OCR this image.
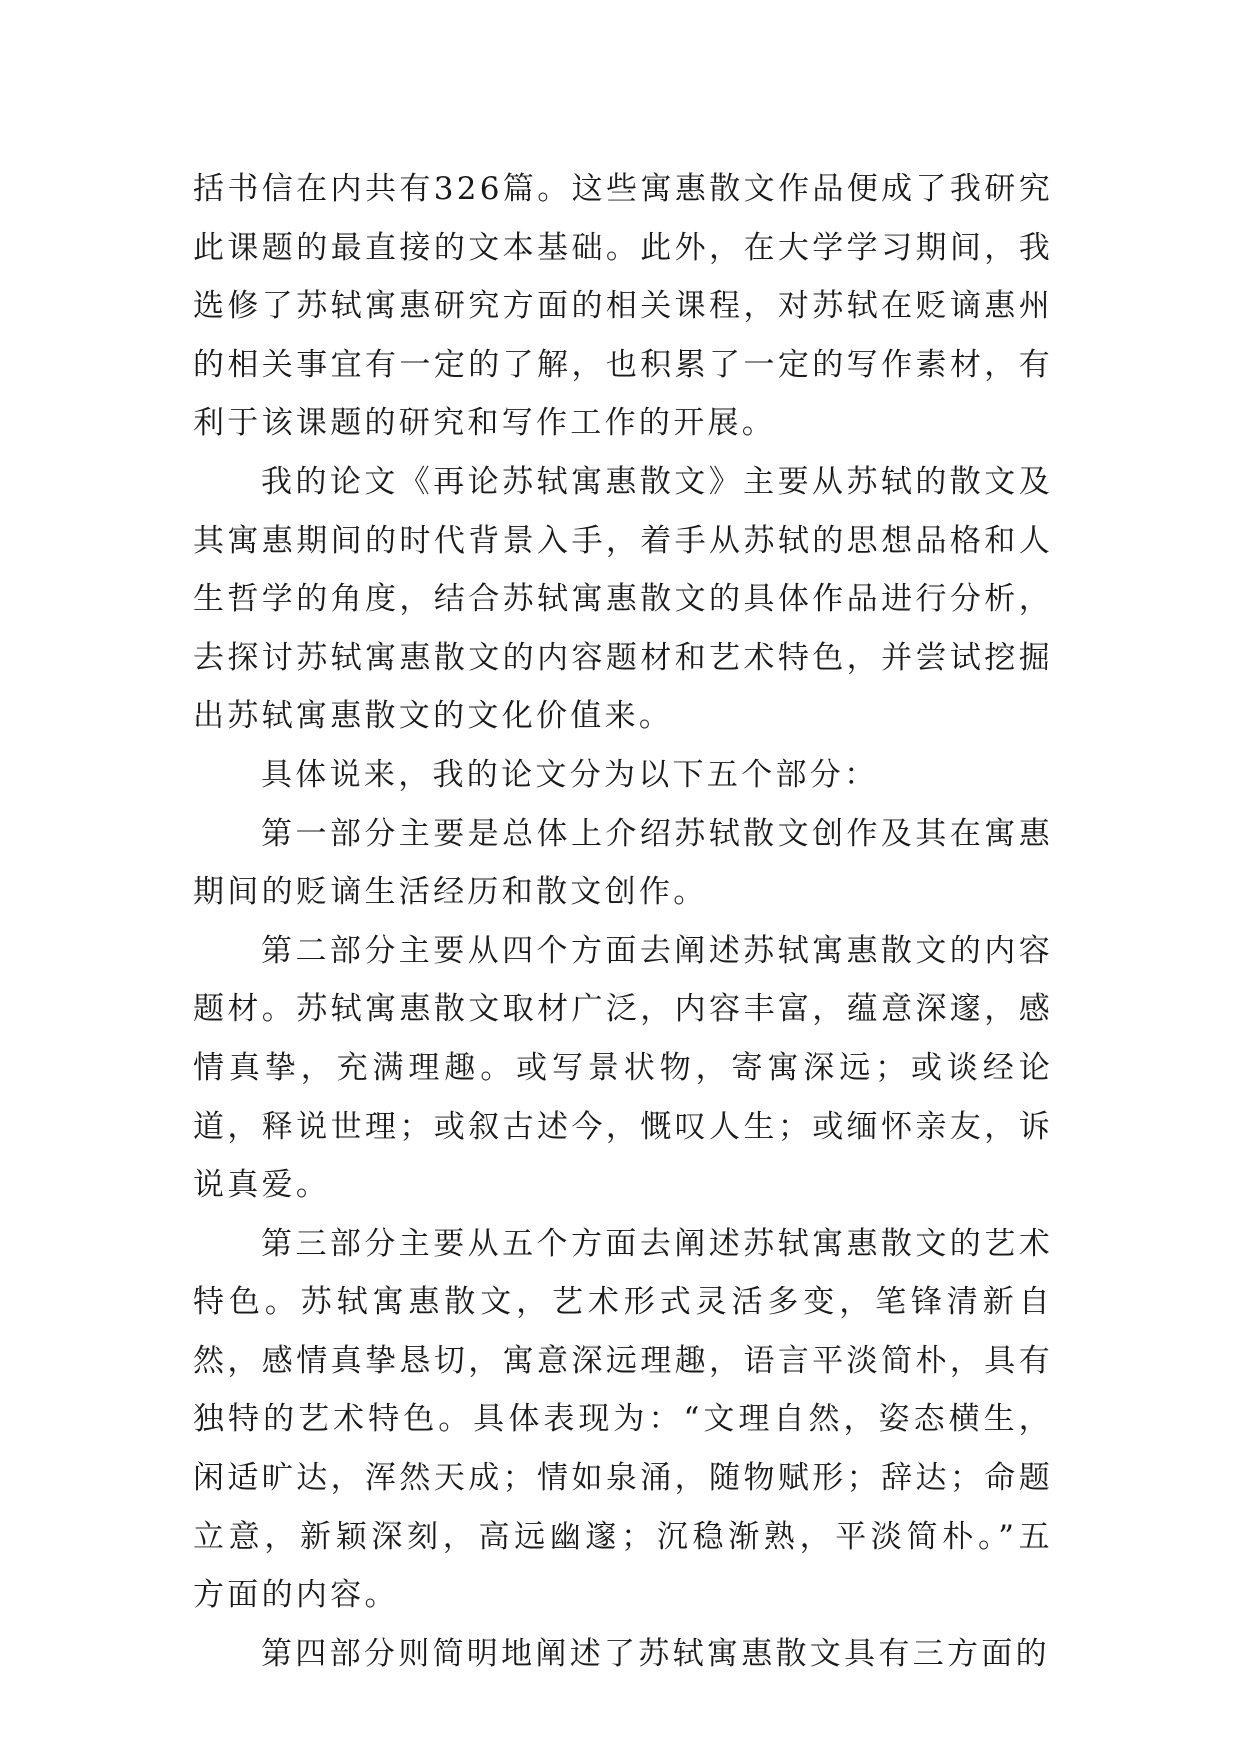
括书信在内共有326篇。这些寓惠散文作品便成了我研究此课题的最直接的文本基础。此外，在大学学习期间，我选修了苏轼寓惠研究方面的相关课程，对苏轼在贬谪惠州的相关事宜有一定的了解，也积累了一定的写作素材，有利于该课题的研究和写作工作的开展。

我的论文《再论苏轼寓惠散文》主要从苏轼的散文及其寓惠期间的时代背景入手，着手从苏轼的思想品格和人生哲学的角度，结合苏轼寓惠散文的具体作品进行分析，去探讨苏轼寓惠散文的内容题材和艺术特色，并尝试挖掘出苏轼寓惠散文的文化价值来。

具体说来，我的论文分为以下五个部分：

第一部分主要是总体上介绍苏轼散文创作及其在寓惠期间的贬谪生活经历和散文创作。

第二部分主要从四个方面去阐述苏轼寓惠散文的内容题材。苏轼寓惠散文取材广泛，内容丰富，蕴意深邃，感情真挚，充满理趣。或写景状物，寄寓深远；或谈经论道，释说世理；或叙古述今，慨叹人生；或缅怀亲友，诉说真爱。

第三部分主要从五个方面去阐述苏轼寓惠散文的艺术特色。苏轼寓惠散文，艺术形式灵活多变，笔锋清新自然，感情真挚恳切，寓意深远理趣，语言平淡简朴，具有独特的艺术特色。具体表现为：“文理自然，姿态横生，闲适旷达，浑然天成；情如泉涌，随物赋形；辞达；命题立意，新颖深刻，高远幽邃；沉稳渐熟，平淡简朴。”五方面的内容。

第四部分则简明地阐述了苏轼寓惠散文具有三方面的
